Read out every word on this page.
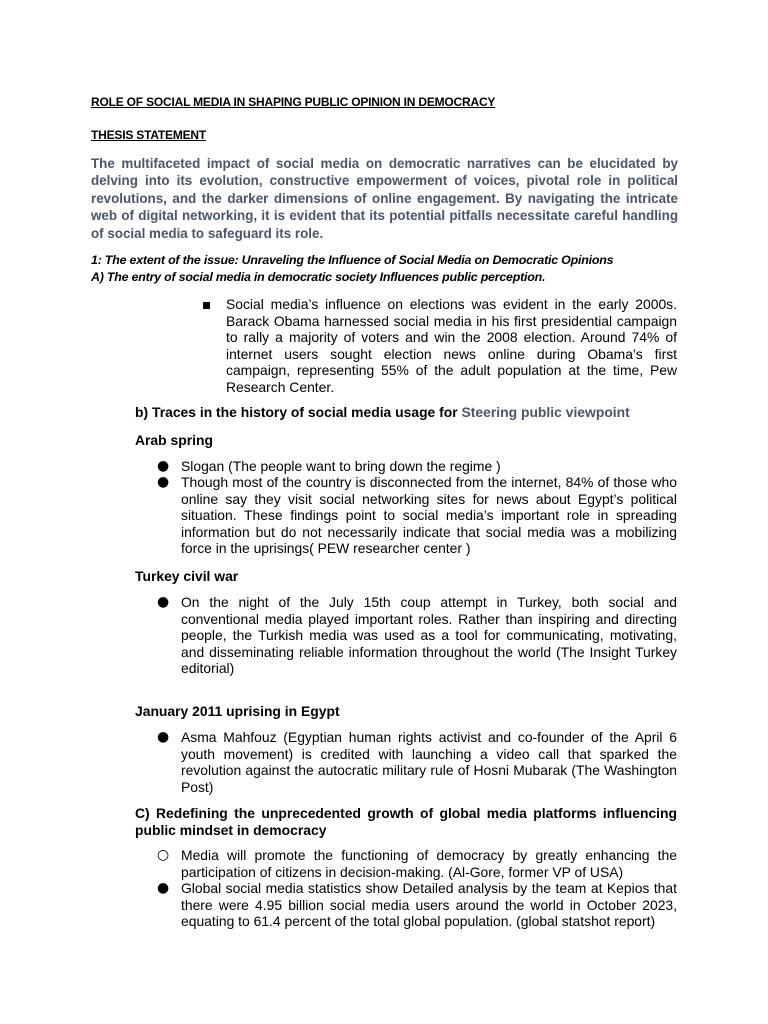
ROLE OF SOCIAL MEDIA IN SHAPING PUBLIC OPINION IN DEMOCRACY
THESIS STATEMENT

The multifaceted impact of social media on democratic narratives can be elucidated by delving into its evolution, constructive empowerment of voices, pivotal role in political revolutions, and the darker dimensions of online engagement. By navigating the intricate web of digital networking, it is evident that its potential pitfalls necessitate careful handling of social media to safeguard its role.

1: The extent of the issue: Unraveling the Influence of Social Media on Democratic Opinions
A) The entry of social media in democratic society Influences public perception.

Social media’s influence on elections was evident in the early 2000s. Barack Obama harnessed social media in his first presidential campaign to rally a majority of voters and win the 2008 election. Around 74% of internet users sought election news online during Obama’s first campaign, representing 55% of the adult population at the time, Pew Research Center.

b) Traces in the history of social media usage for Steering public viewpoint
Arab spring
● Slogan (The people want to bring down the regime )

● Though most of the country is disconnected from the internet, 84% of those who online say they visit social networking sites for news about Egypt’s political situation. These findings point to social media’s important role in spreading information but do not necessarily indicate that social media was a mobilizing force in the uprisings( PEW researcher center )

Turkey civil war
● On the night of the July 15th coup attempt in Turkey, both social and conventional media played important roles. Rather than inspiring and directing people, the Turkish media was used as a tool for communicating, motivating, and disseminating reliable information throughout the world (The Insight Turkey editorial)

January 2011 uprising in Egypt
● Asma Mahfouz (Egyptian human rights activist and co-founder of the April 6 youth movement) is credited with launching a video call that sparked the revolution against the autocratic military rule of Hosni Mubarak (The Washington Post)

C) Redefining the unprecedented growth of global media platforms influencing public mindset in democracy

○ Media will promote the functioning of democracy by greatly enhancing the participation of citizens in decision-making. (Al-Gore, former VP of USA)

● Global social media statistics show Detailed analysis by the team at Kepios that there were 4.95 billion social media users around the world in October 2023, equating to 61.4 percent of the total global population. (global statshot report)
